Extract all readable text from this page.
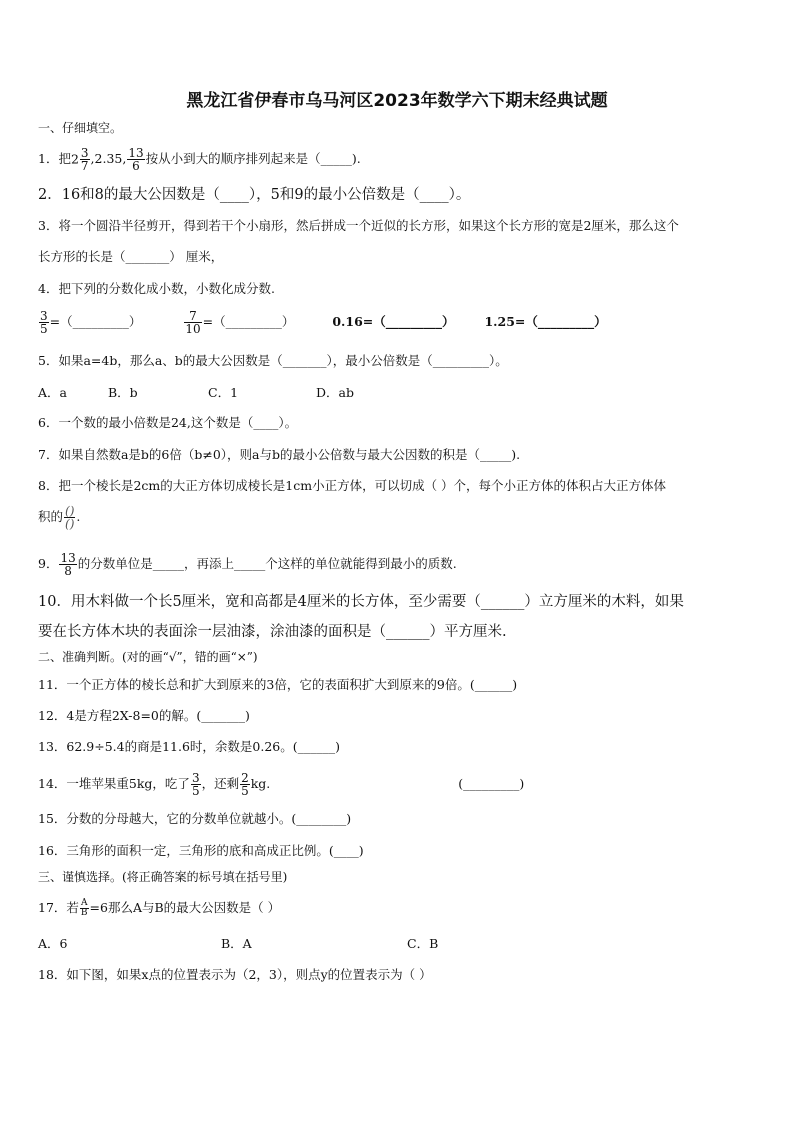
黑龙江省伊春市乌马河区2023年数学六下期末经典试题
一、仔细填空。
1．把$2 \frac{3}{7} ,2.35$, $\frac{13}{6}$ 按从小到大的顺序排列起来是（_____).
2．16和8的最大公因数是（____），5和9的最小公倍数是（____）。
3．将一个圆沿半径剪开，得到若干个小扇形，然后拼成一个近似的长方形，如果这个长方形的宽是2厘米，那么这个
长方形的长是（_______） 厘米，
4．把下列的分数化成小数，小数化成分数.
$\frac{3}{5}$ =（_________）	$\frac{7}{10}$ =（_________）	0.16=（_________） 1.25=（_________）
5．如果a=4b，那么a、b的最大公因数是（_______），最小公倍数是（_________）。
A．a	B．b	C．1	D．ab
6．一个数的最小倍数是24,这个数是（____）。
7．如果自然数a是b的6倍（b≠0），则a与b的最小公倍数与最大公因数的积是（_____).
8．把一个棱长是2cm的大正方体切成棱长是1cm小正方体，可以切成（ ）个，每个小正方体的体积占大正方体体
积的 $\frac{()}{()}$ .
9． $\frac{13}{8}$ 的分数单位是_____，再添上_____个这样的单位就能得到最小的质数.
10．用木料做一个长5厘米，宽和高都是4厘米的长方体，至少需要（______）立方厘米的木料，如果
要在长方体木块的表面涂一层油漆，涂油漆的面积是（______）平方厘米.
二、准确判断。(对的画“√”，错的画“×”)
11．一个正方体的棱长总和扩大到原来的3倍，它的表面积扩大到原来的9倍。(______)
12．4是方程2X-8=0的解。(_______)
13．62.9÷5.4的商是11.6时，余数是0.26。(______)
14．一堆苹果重5kg，吃了 $\frac{3}{5}$ ，还剩 $\frac{2}{5}$ kg.	(_________)
15．分数的分母越大，它的分数单位就越小。(________)
16．三角形的面积一定，三角形的底和高成正比例。(____)
三、谨慎选择。(将正确答案的标号填在括号里)
17．若 $\frac{A}{B} =6$那么A与B的最大公因数是（ ）
A．6	B．A	C．B
18．如下图，如果x点的位置表示为（2，3），则点y的位置表示为（ ）
